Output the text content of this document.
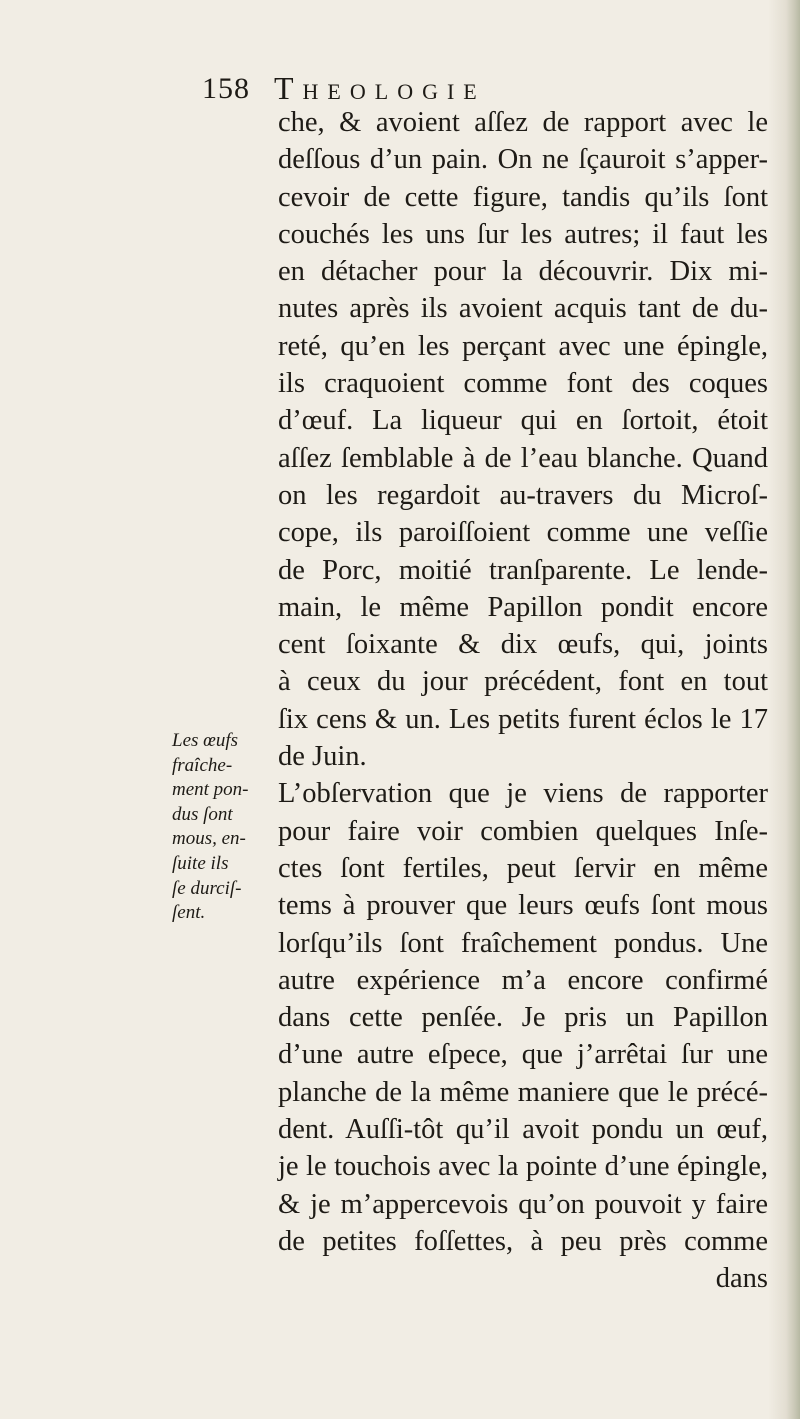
158 Theologie
che, & avoient aſſez de rapport avec le
deſſous d’un pain. On ne ſçauroit s’apper-
cevoir de cette figure, tandis qu’ils ſont
couchés les uns ſur les autres; il faut les
en détacher pour la découvrir. Dix mi-
nutes après ils avoient acquis tant de du-
reté, qu’en les perçant avec une épingle,
ils craquoient comme font des coques
d’œuf. La liqueur qui en ſortoit, étoit
aſſez ſemblable à de l’eau blanche. Quand
on les regardoit au-travers du Microſ-
cope, ils paroiſſoient comme une veſſie
de Porc, moitié tranſparente. Le lende-
main, le même Papillon pondit encore
cent ſoixante & dix œufs, qui, joints
à ceux du jour précédent, font en tout
ſix cens & un. Les petits furent éclos le 17
de Juin.
L’obſervation que je viens de rapporter
pour faire voir combien quelques Inſe-
ctes ſont fertiles, peut ſervir en même
tems à prouver que leurs œufs ſont mous
lorſqu’ils ſont fraîchement pondus. Une
autre expérience m’a encore confirmé
dans cette penſée. Je pris un Papillon
d’une autre eſpece, que j’arrêtai ſur une
planche de la même maniere que le précé-
dent. Auſſi-tôt qu’il avoit pondu un œuf,
je le touchois avec la pointe d’une épingle,
& je m’appercevois qu’on pouvoit y faire
de petites foſſettes, à peu près comme
dans
Les œufs
fraîche-
ment pon-
dus ſont
mous, en-
ſuite ils
ſe durciſ-
ſent.
